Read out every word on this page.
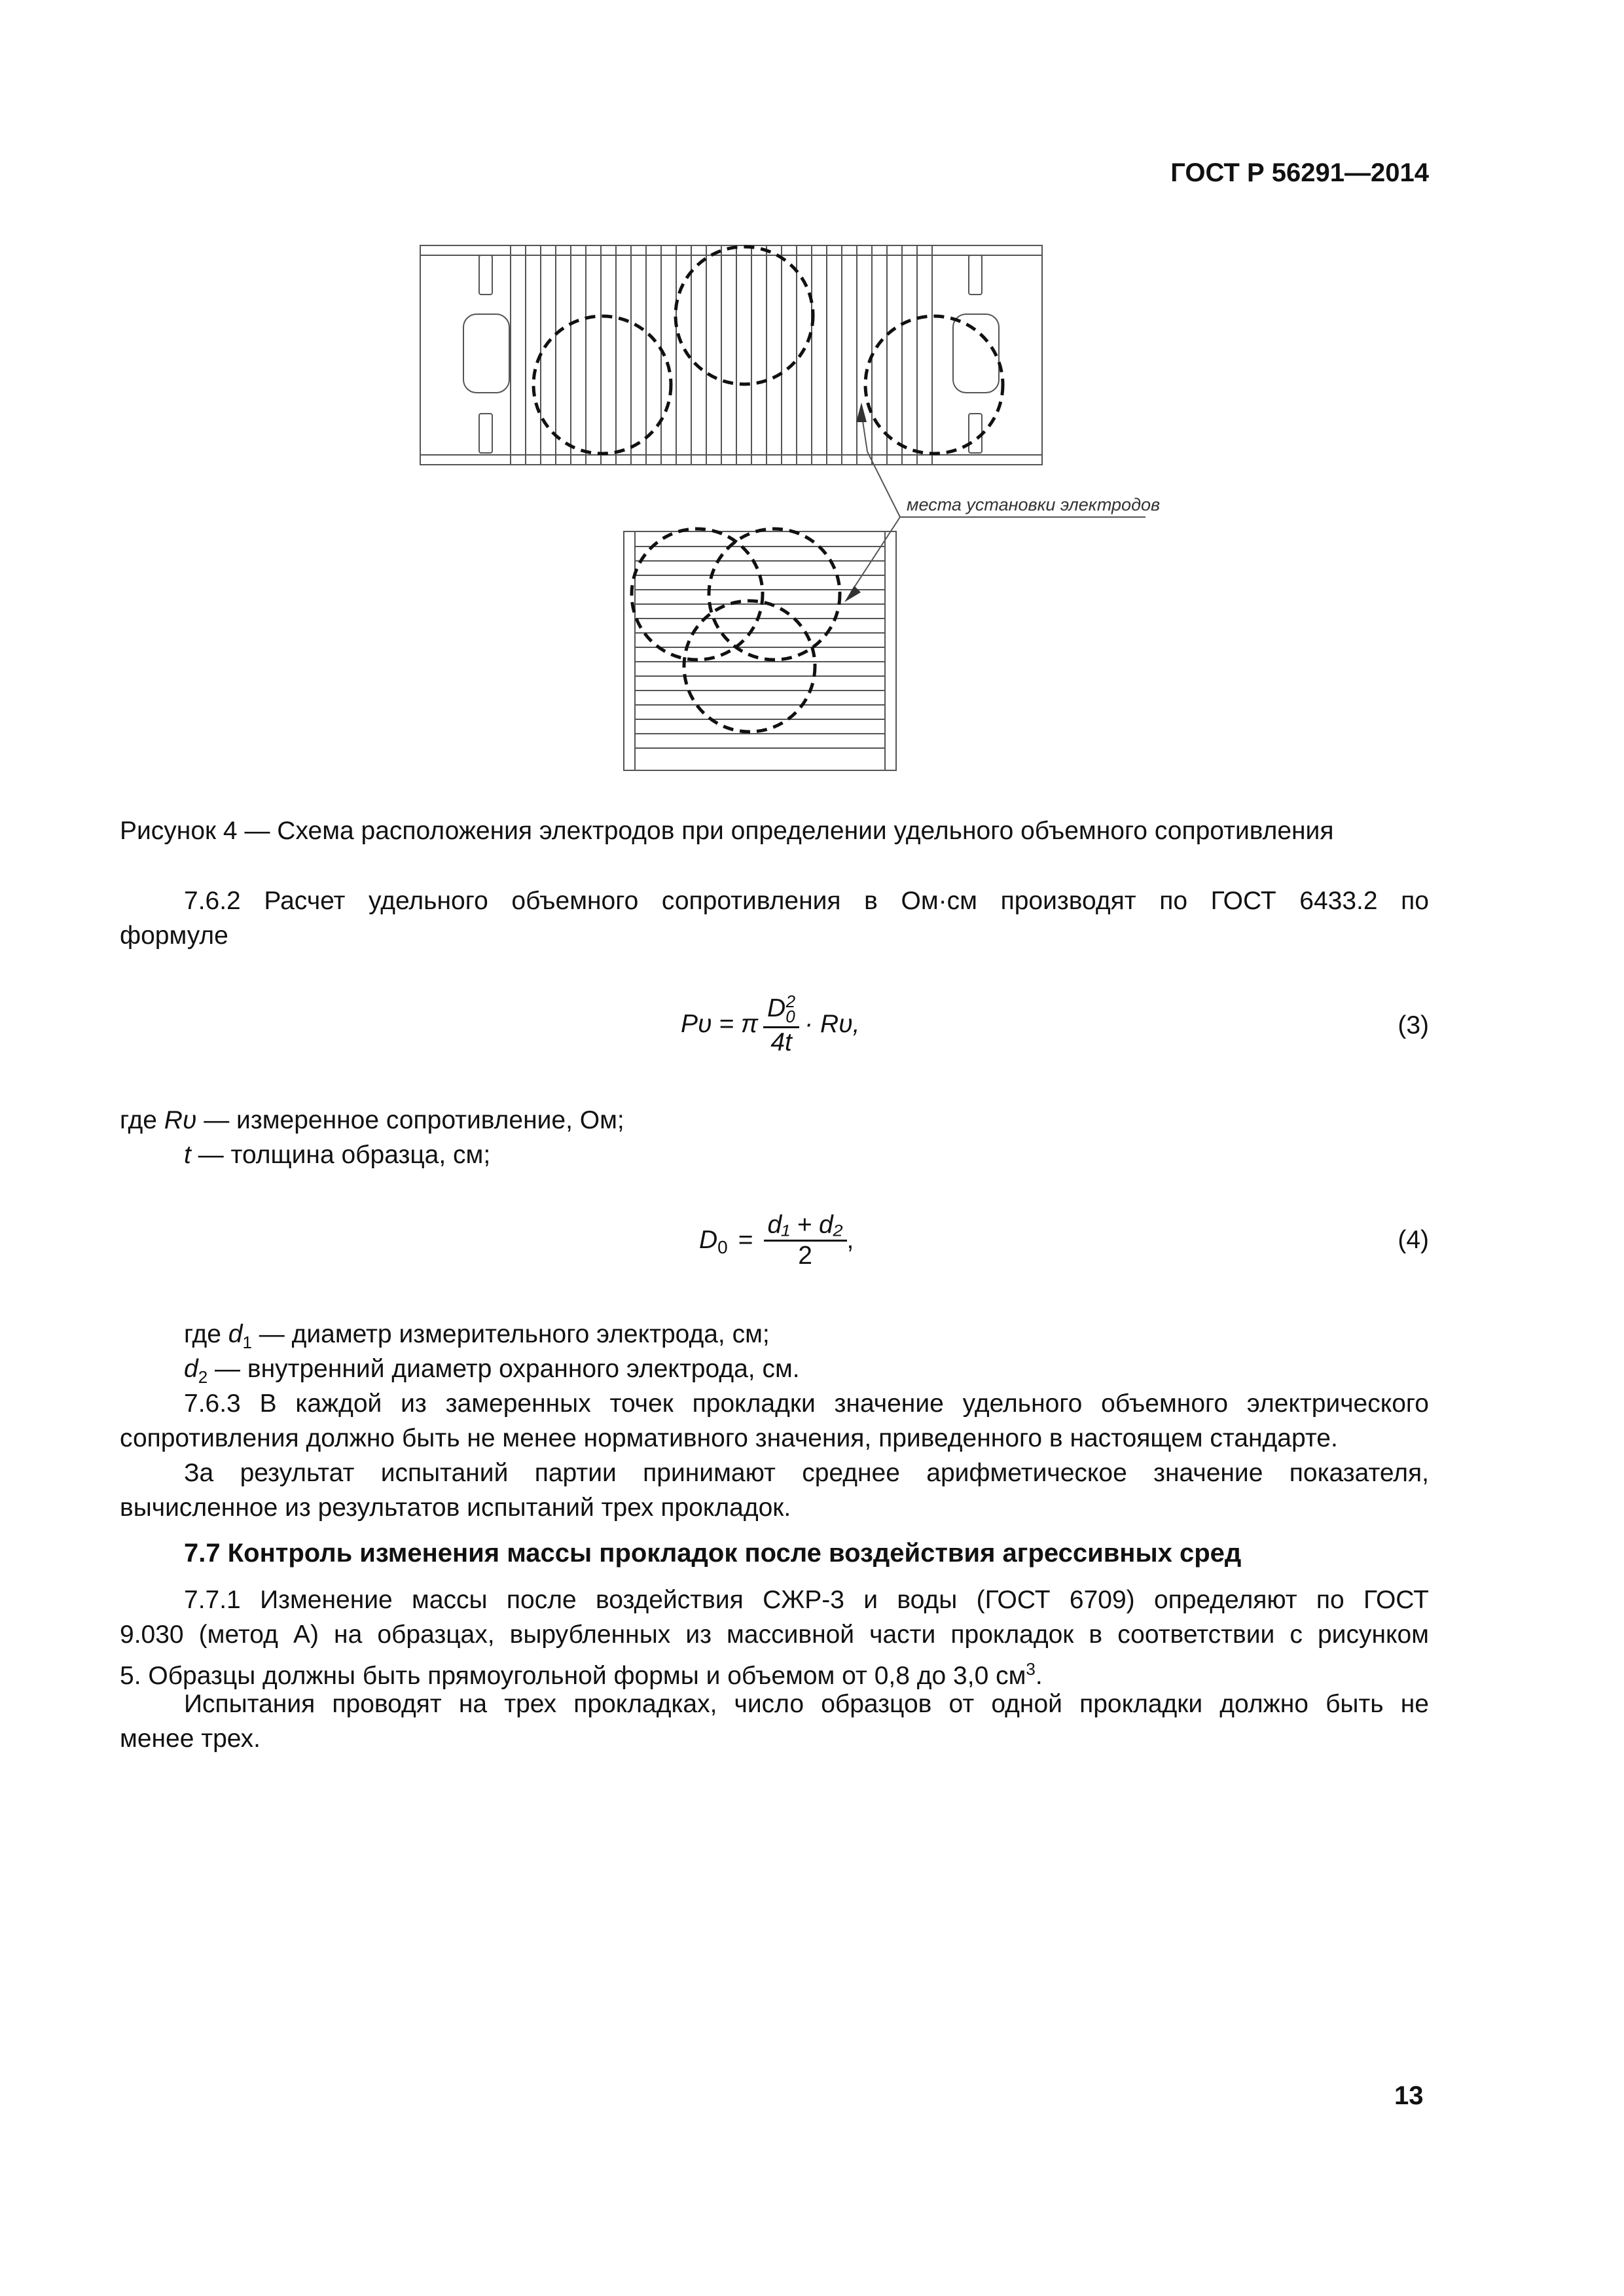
ГОСТ Р 56291—2014
места установки электродов
Рисунок 4 — Схема расположения электродов при определении удельного объемного сопротивления
7.6.2 Расчет удельного объемного сопротивления в Ом·см производят по ГОСТ 6433.2 по
формуле
Pυ = π $\frac{D_0^2}{4t} \cdot R\upsilon$,	(3)
где Rυ — измеренное сопротивление, Ом;
t — толщина образца, см;
$D_0 = \frac{\text{d₁ + d₂}}{2}$ ,	(4)
где $d_1$ — диаметр измерительного электрода, см;
$d_2$ — внутренний диаметр охранного электрода, см.
7.6.3 В каждой из замеренных точек прокладки значение удельного объемного электрического
сопротивления должно быть не менее нормативного значения, приведенного в настоящем стандарте.
За результат испытаний партии принимают среднее арифметическое значение показателя,
вычисленное из результатов испытаний трех прокладок.
7.7 Контроль изменения массы прокладок после воздействия агрессивных сред
7.7.1 Изменение массы после воздействия СЖР-3 и воды (ГОСТ 6709) определяют по ГОСТ
9.030 (метод А) на образцах, вырубленных из массивной части прокладок в соответствии с рисунком
5. Образцы должны быть прямоугольной формы и объемом от 0,8 до 3,0 $см^3$.
Испытания проводят на трех прокладках, число образцов от одной прокладки должно быть не
менее трех.
13
